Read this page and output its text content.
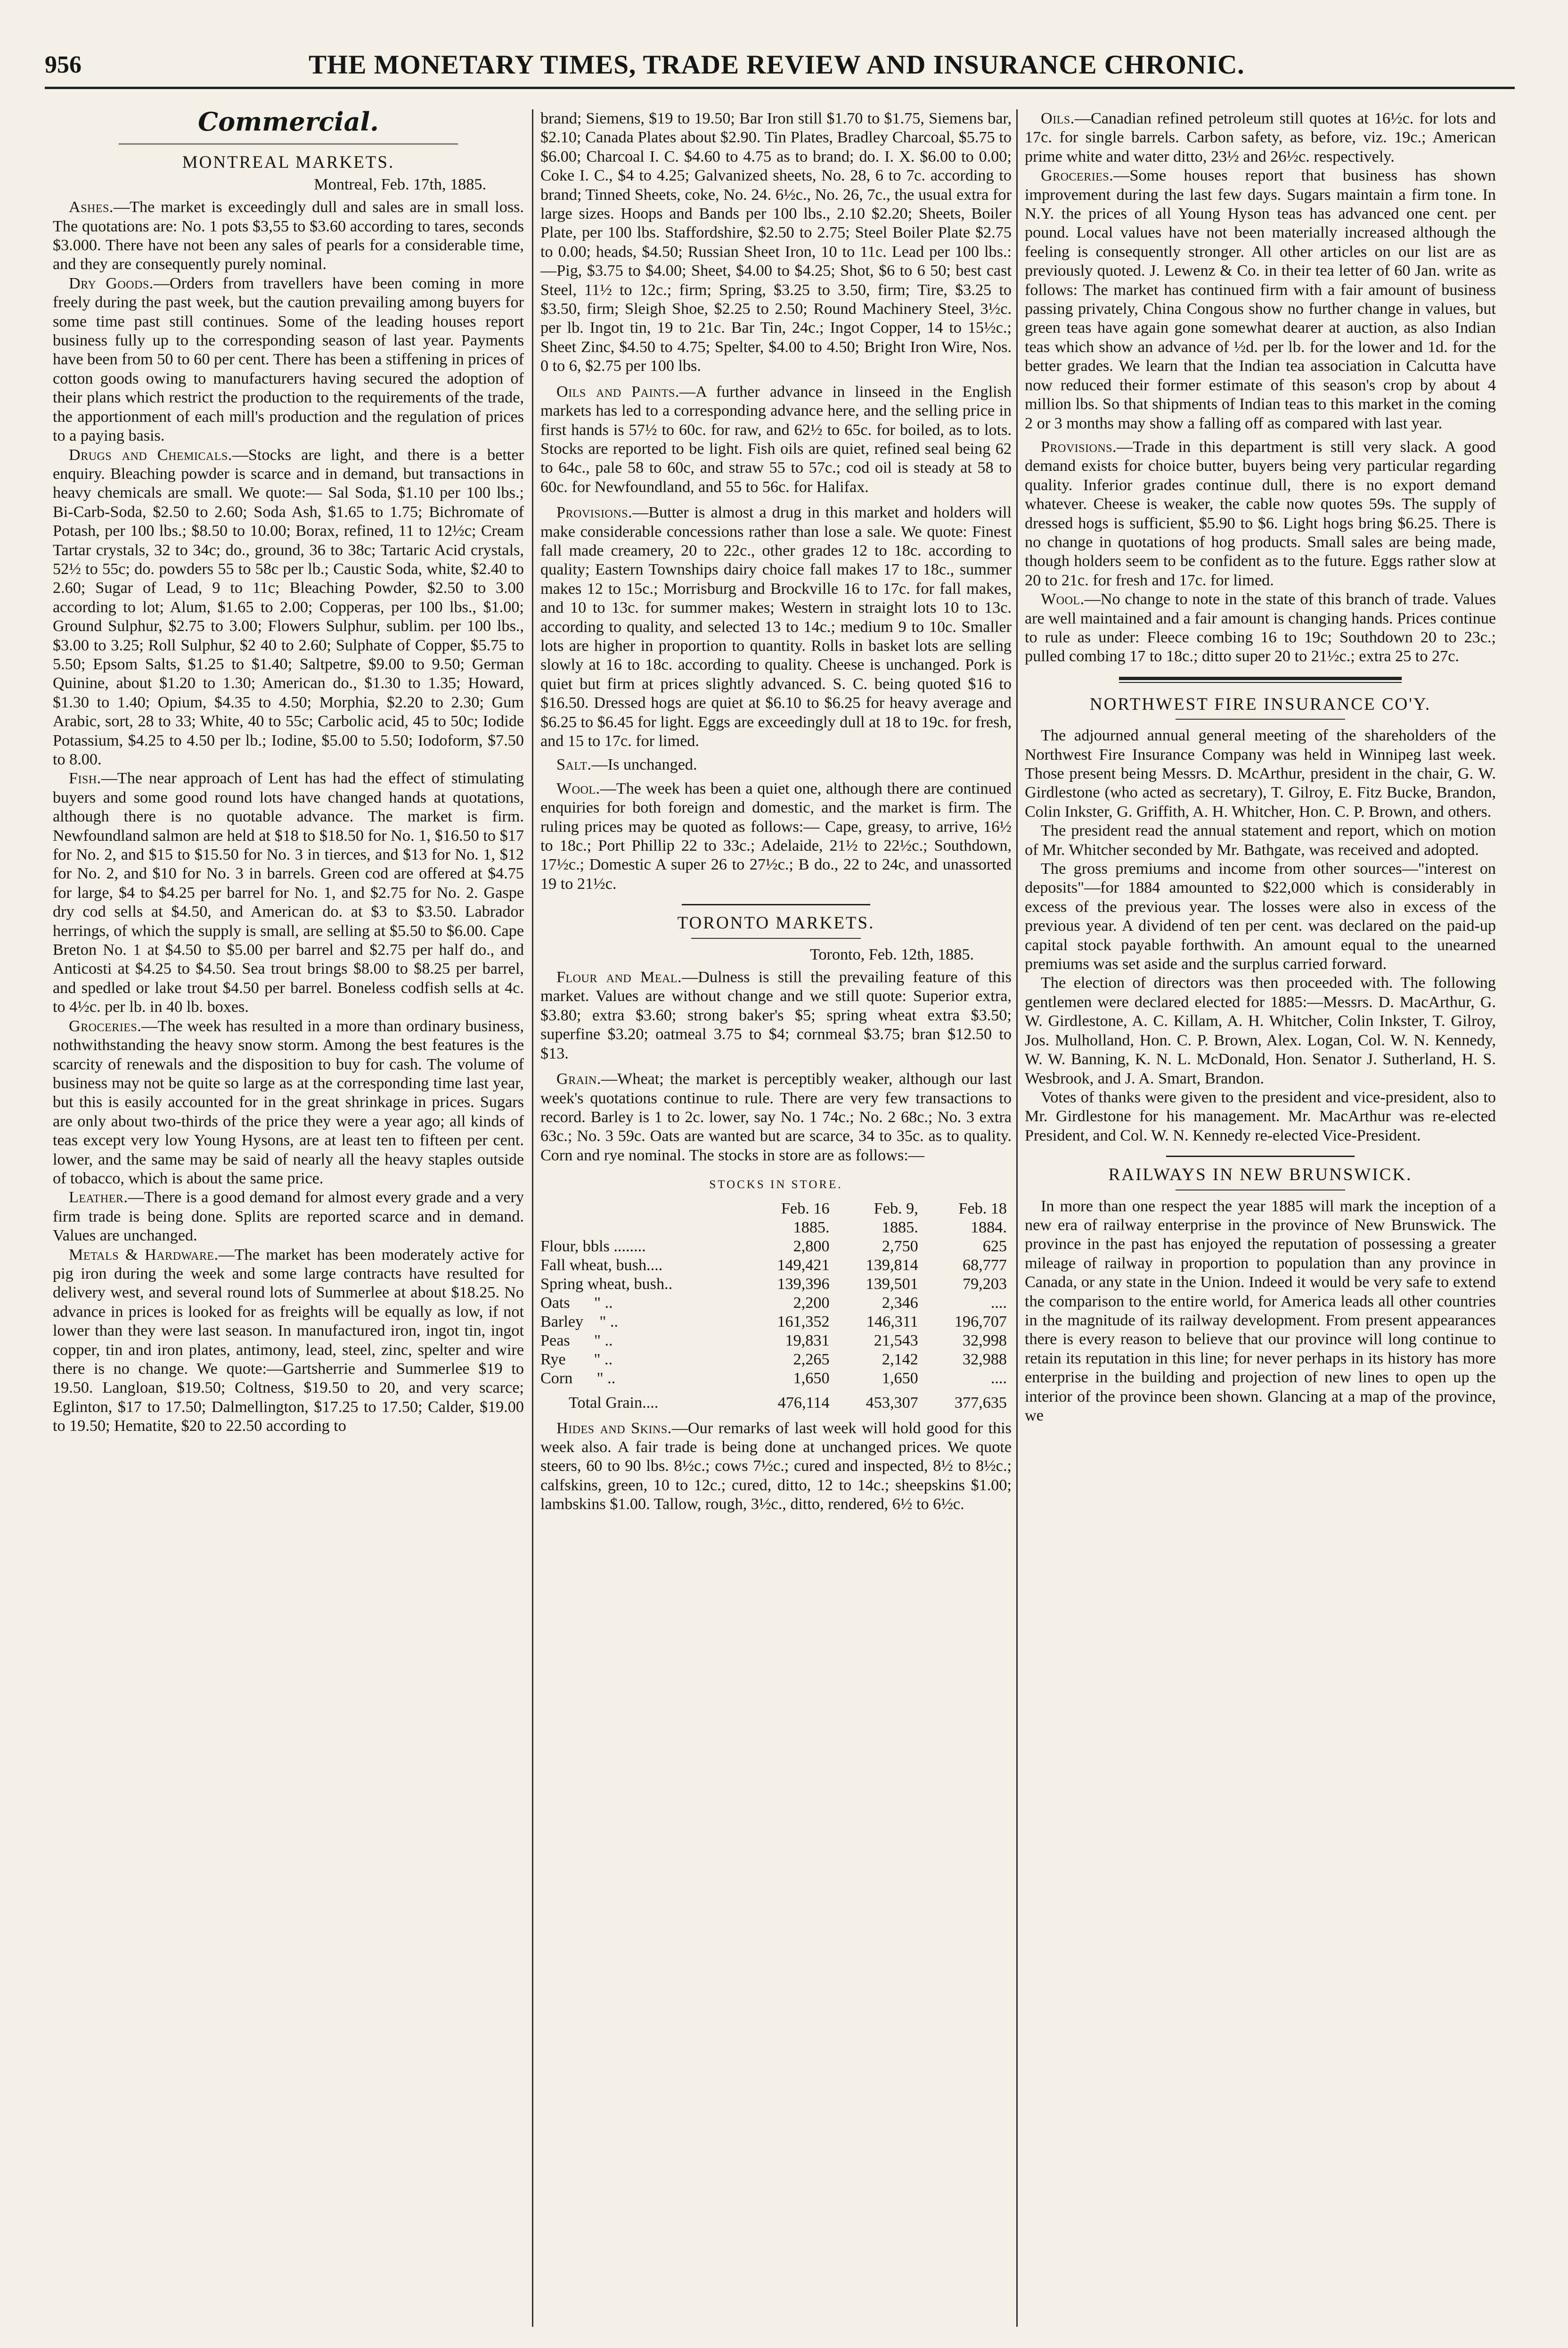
956	THE MONETARY TIMES, TRADE REVIEW AND INSURANCE CHRONIC.
Commercial.
MONTREAL MARKETS.
Montreal, Feb. 17th, 1885.

Ashes.—The market is exceedingly dull and sales are in small loss. The quotations are: No. 1 pots $3,55 to $3.60 according to tares, seconds $3.000. There have not been any sales of pearls for a considerable time, and they are consequently purely nominal.

Dry Goods.—Orders from travellers have been coming in more freely during the past week, but the caution prevailing among buyers for some time past still continues. Some of the leading houses report business fully up to the corresponding season of last year. Payments have been from 50 to 60 per cent. There has been a stiffening in prices of cotton goods owing to manufacturers having secured the adoption of their plans which restrict the production to the requirements of the trade, the apportionment of each mill's production and the regulation of prices to a paying basis.

Drugs and Chemicals.—Stocks are light, and there is a better enquiry. Bleaching powder is scarce and in demand, but transactions in heavy chemicals are small. We quote:— Sal Soda, $1.10 per 100 lbs.; Bi-Carb-Soda, $2.50 to 2.60; Soda Ash, $1.65 to 1.75; Bichromate of Potash, per 100 lbs.; $8.50 to 10.00; Borax, refined, 11 to 12½c; Cream Tartar crystals, 32 to 34c; do., ground, 36 to 38c; Tartaric Acid crystals, 52½ to 55c; do. powders 55 to 58c per lb.; Caustic Soda, white, $2.40 to 2.60; Sugar of Lead, 9 to 11c; Bleaching Powder, $2.50 to 3.00 according to lot; Alum, $1.65 to 2.00; Copperas, per 100 lbs., $1.00; Ground Sulphur, $2.75 to 3.00; Flowers Sulphur, sublim. per 100 lbs., $3.00 to 3.25; Roll Sulphur, $2 40 to 2.60; Sulphate of Copper, $5.75 to 5.50; Epsom Salts, $1.25 to $1.40; Saltpetre, $9.00 to 9.50; German Quinine, about $1.20 to 1.30; American do., $1.30 to 1.35; Howard, $1.30 to 1.40; Opium, $4.35 to 4.50; Morphia, $2.20 to 2.30; Gum Arabic, sort, 28 to 33; White, 40 to 55c; Carbolic acid, 45 to 50c; Iodide Potassium, $4.25 to 4.50 per lb.; Iodine, $5.00 to 5.50; Iodoform, $7.50 to 8.00.

Fish.—The near approach of Lent has had the effect of stimulating buyers and some good round lots have changed hands at quotations, although there is no quotable advance. The market is firm. Newfoundland salmon are held at $18 to $18.50 for No. 1, $16.50 to $17 for No. 2, and $15 to $15.50 for No. 3 in tierces, and $13 for No. 1, $12 for No. 2, and $10 for No. 3 in barrels. Green cod are offered at $4.75 for large, $4 to $4.25 per barrel for No. 1, and $2.75 for No. 2. Gaspe dry cod sells at $4.50, and American do. at $3 to $3.50. Labrador herrings, of which the supply is small, are selling at $5.50 to $6.00. Cape Breton No. 1 at $4.50 to $5.00 per barrel and $2.75 per half do., and Anticosti at $4.25 to $4.50. Sea trout brings $8.00 to $8.25 per barrel, and spedled or lake trout $4.50 per barrel. Boneless codfish sells at 4c. to 4½c. per lb. in 40 lb. boxes.

Groceries.—The week has resulted in a more than ordinary business, nothwithstanding the heavy snow storm. Among the best features is the scarcity of renewals and the disposition to buy for cash. The volume of business may not be quite so large as at the corresponding time last year, but this is easily accounted for in the great shrinkage in prices. Sugars are only about two-thirds of the price they were a year ago; all kinds of teas except very low Young Hysons, are at least ten to fifteen per cent. lower, and the same may be said of nearly all the heavy staples outside of tobacco, which is about the same price.

Leather.—There is a good demand for almost every grade and a very firm trade is being done. Splits are reported scarce and in demand. Values are unchanged.

Metals & Hardware.—The market has been moderately active for pig iron during the week and some large contracts have resulted for delivery west, and several round lots of Summerlee at about $18.25. No advance in prices is looked for as freights will be equally as low, if not lower than they were last season. In manufactured iron, ingot tin, ingot copper, tin and iron plates, antimony, lead, steel, zinc, spelter and wire there is no change. We quote:—Gartsherrie and Summerlee $19 to 19.50. Langloan, $19.50; Coltness, $19.50 to 20, and very scarce; Eglinton, $17 to 17.50; Dalmellington, $17.25 to 17.50; Calder, $19.00 to 19.50; Hematite, $20 to 22.50 according to

brand; Siemens, $19 to 19.50; Bar Iron still $1.70 to $1.75, Siemens bar, $2.10; Canada Plates about $2.90. Tin Plates, Bradley Charcoal, $5.75 to $6.00; Charcoal I. C. $4.60 to 4.75 as to brand; do. I. X. $6.00 to 0.00; Coke I. C., $4 to 4.25; Galvanized sheets, No. 28, 6 to 7c. according to brand; Tinned Sheets, coke, No. 24. 6½c., No. 26, 7c., the usual extra for large sizes. Hoops and Bands per 100 lbs., 2.10 $2.20; Sheets, Boiler Plate, per 100 lbs. Staffordshire, $2.50 to 2.75; Steel Boiler Plate $2.75 to 0.00; heads, $4.50; Russian Sheet Iron, 10 to 11c. Lead per 100 lbs.:—Pig, $3.75 to $4.00; Sheet, $4.00 to $4.25; Shot, $6 to 6 50; best cast Steel, 11½ to 12c.; firm; Spring, $3.25 to 3.50, firm; Tire, $3.25 to $3.50, firm; Sleigh Shoe, $2.25 to 2.50; Round Machinery Steel, 3½c. per lb. Ingot tin, 19 to 21c. Bar Tin, 24c.; Ingot Copper, 14 to 15½c.; Sheet Zinc, $4.50 to 4.75; Spelter, $4.00 to 4.50; Bright Iron Wire, Nos. 0 to 6, $2.75 per 100 lbs.

Oils and Paints.—A further advance in linseed in the English markets has led to a corresponding advance here, and the selling price in first hands is 57½ to 60c. for raw, and 62½ to 65c. for boiled, as to lots. Stocks are reported to be light. Fish oils are quiet, refined seal being 62 to 64c., pale 58 to 60c, and straw 55 to 57c.; cod oil is steady at 58 to 60c. for Newfoundland, and 55 to 56c. for Halifax.

Provisions.—Butter is almost a drug in this market and holders will make considerable concessions rather than lose a sale. We quote: Finest fall made creamery, 20 to 22c., other grades 12 to 18c. according to quality; Eastern Townships dairy choice fall makes 17 to 18c., summer makes 12 to 15c.; Morrisburg and Brockville 16 to 17c. for fall makes, and 10 to 13c. for summer makes; Western in straight lots 10 to 13c. according to quality, and selected 13 to 14c.; medium 9 to 10c. Smaller lots are higher in proportion to quantity. Rolls in basket lots are selling slowly at 16 to 18c. according to quality. Cheese is unchanged. Pork is quiet but firm at prices slightly advanced. S. C. being quoted $16 to $16.50. Dressed hogs are quiet at $6.10 to $6.25 for heavy average and $6.25 to $6.45 for light. Eggs are exceedingly dull at 18 to 19c. for fresh, and 15 to 17c. for limed.

Salt.—Is unchanged.

Wool.—The week has been a quiet one, although there are continued enquiries for both foreign and domestic, and the market is firm. The ruling prices may be quoted as follows:— Cape, greasy, to arrive, 16½ to 18c.; Port Phillip 22 to 33c.; Adelaide, 21½ to 22½c.; Southdown, 17½c.; Domestic A super 26 to 27½c.; B do., 22 to 24c, and unassorted 19 to 21½c.

TORONTO MARKETS.
Toronto, Feb. 12th, 1885.

Flour and Meal.—Dulness is still the prevailing feature of this market. Values are without change and we still quote: Superior extra, $3.80; extra $3.60; strong baker's $5; spring wheat extra $3.50; superfine $3.20; oatmeal 3.75 to $4; cornmeal $3.75; bran $12.50 to $13.

Grain.—Wheat; the market is perceptibly weaker, although our last week's quotations continue to rule. There are very few transactions to record. Barley is 1 to 2c. lower, say No. 1 74c.; No. 2 68c.; No. 3 extra 63c.; No. 3 59c. Oats are wanted but are scarce, 34 to 35c. as to quality. Corn and rye nominal. The stocks in store are as follows:—

STOCKS IN STORE.
	Feb. 16	Feb. 9,	Feb. 18
	1885.	1885.	1884.
Flour, bbls ........	2,800	2,750	625
Fall wheat, bush....	149,421	139,814	68,777
Spring wheat, bush..	139,396	139,501	79,203
Oats      " ..	2,200	2,346	....
Barley    " ..	161,352	146,311	196,707
Peas      " ..	19,831	21,543	32,998
Rye       " ..	2,265	2,142	32,988
Corn      " ..	1,650	1,650	....
Total Grain....	476,114	453,307	377,635

Hides and Skins.—Our remarks of last week will hold good for this week also. A fair trade is being done at unchanged prices. We quote steers, 60 to 90 lbs. 8½c.; cows 7½c.; cured and inspected, 8½ to 8½c.; calfskins, green, 10 to 12c.; cured, ditto, 12 to 14c.; sheepskins $1.00; lambskins $1.00. Tallow, rough, 3½c., ditto, rendered, 6½ to 6½c.

Oils.—Canadian refined petroleum still quotes at 16½c. for lots and 17c. for single barrels. Carbon safety, as before, viz. 19c.; American prime white and water ditto, 23½ and 26½c. respectively.

Groceries.—Some houses report that business has shown improvement during the last few days. Sugars maintain a firm tone. In N.Y. the prices of all Young Hyson teas has advanced one cent. per pound. Local values have not been materially increased although the feeling is consequently stronger. All other articles on our list are as previously quoted. J. Lewenz & Co. in their tea letter of 60 Jan. write as follows: The market has continued firm with a fair amount of business passing privately, China Congous show no further change in values, but green teas have again gone somewhat dearer at auction, as also Indian teas which show an advance of ½d. per lb. for the lower and 1d. for the better grades. We learn that the Indian tea association in Calcutta have now reduced their former estimate of this season's crop by about 4 million lbs. So that shipments of Indian teas to this market in the coming 2 or 3 months may show a falling off as compared with last year.

Provisions.—Trade in this department is still very slack. A good demand exists for choice butter, buyers being very particular regarding quality. Inferior grades continue dull, there is no export demand whatever. Cheese is weaker, the cable now quotes 59s. The supply of dressed hogs is sufficient, $5.90 to $6. Light hogs bring $6.25. There is no change in quotations of hog products. Small sales are being made, though holders seem to be confident as to the future. Eggs rather slow at 20 to 21c. for fresh and 17c. for limed.

Wool.—No change to note in the state of this branch of trade. Values are well maintained and a fair amount is changing hands. Prices continue to rule as under: Fleece combing 16 to 19c; Southdown 20 to 23c.; pulled combing 17 to 18c.; ditto super 20 to 21½c.; extra 25 to 27c.

NORTHWEST FIRE INSURANCE CO'Y.

The adjourned annual general meeting of the shareholders of the Northwest Fire Insurance Company was held in Winnipeg last week. Those present being Messrs. D. McArthur, president in the chair, G. W. Girdlestone (who acted as secretary), T. Gilroy, E. Fitz Bucke, Brandon, Colin Inkster, G. Griffith, A. H. Whitcher, Hon. C. P. Brown, and others.

The president read the annual statement and report, which on motion of Mr. Whitcher seconded by Mr. Bathgate, was received and adopted.

The gross premiums and income from other sources—"interest on deposits"—for 1884 amounted to $22,000 which is considerably in excess of the previous year. The losses were also in excess of the previous year. A dividend of ten per cent. was declared on the paid-up capital stock payable forthwith. An amount equal to the unearned premiums was set aside and the surplus carried forward.

The election of directors was then proceeded with. The following gentlemen were declared elected for 1885:—Messrs. D. MacArthur, G. W. Girdlestone, A. C. Killam, A. H. Whitcher, Colin Inkster, T. Gilroy, Jos. Mulholland, Hon. C. P. Brown, Alex. Logan, Col. W. N. Kennedy, W. W. Banning, K. N. L. McDonald, Hon. Senator J. Sutherland, H. S. Wesbrook, and J. A. Smart, Brandon.

Votes of thanks were given to the president and vice-president, also to Mr. Girdlestone for his management. Mr. MacArthur was re-elected President, and Col. W. N. Kennedy re-elected Vice-President.

RAILWAYS IN NEW BRUNSWICK.

In more than one respect the year 1885 will mark the inception of a new era of railway enterprise in the province of New Brunswick. The province in the past has enjoyed the reputation of possessing a greater mileage of railway in proportion to population than any province in Canada, or any state in the Union. Indeed it would be very safe to extend the comparison to the entire world, for America leads all other countries in the magnitude of its railway development. From present appearances there is every reason to believe that our province will long continue to retain its reputation in this line; for never perhaps in its history has more enterprise in the building and projection of new lines to open up the interior of the province been shown. Glancing at a map of the province, we
